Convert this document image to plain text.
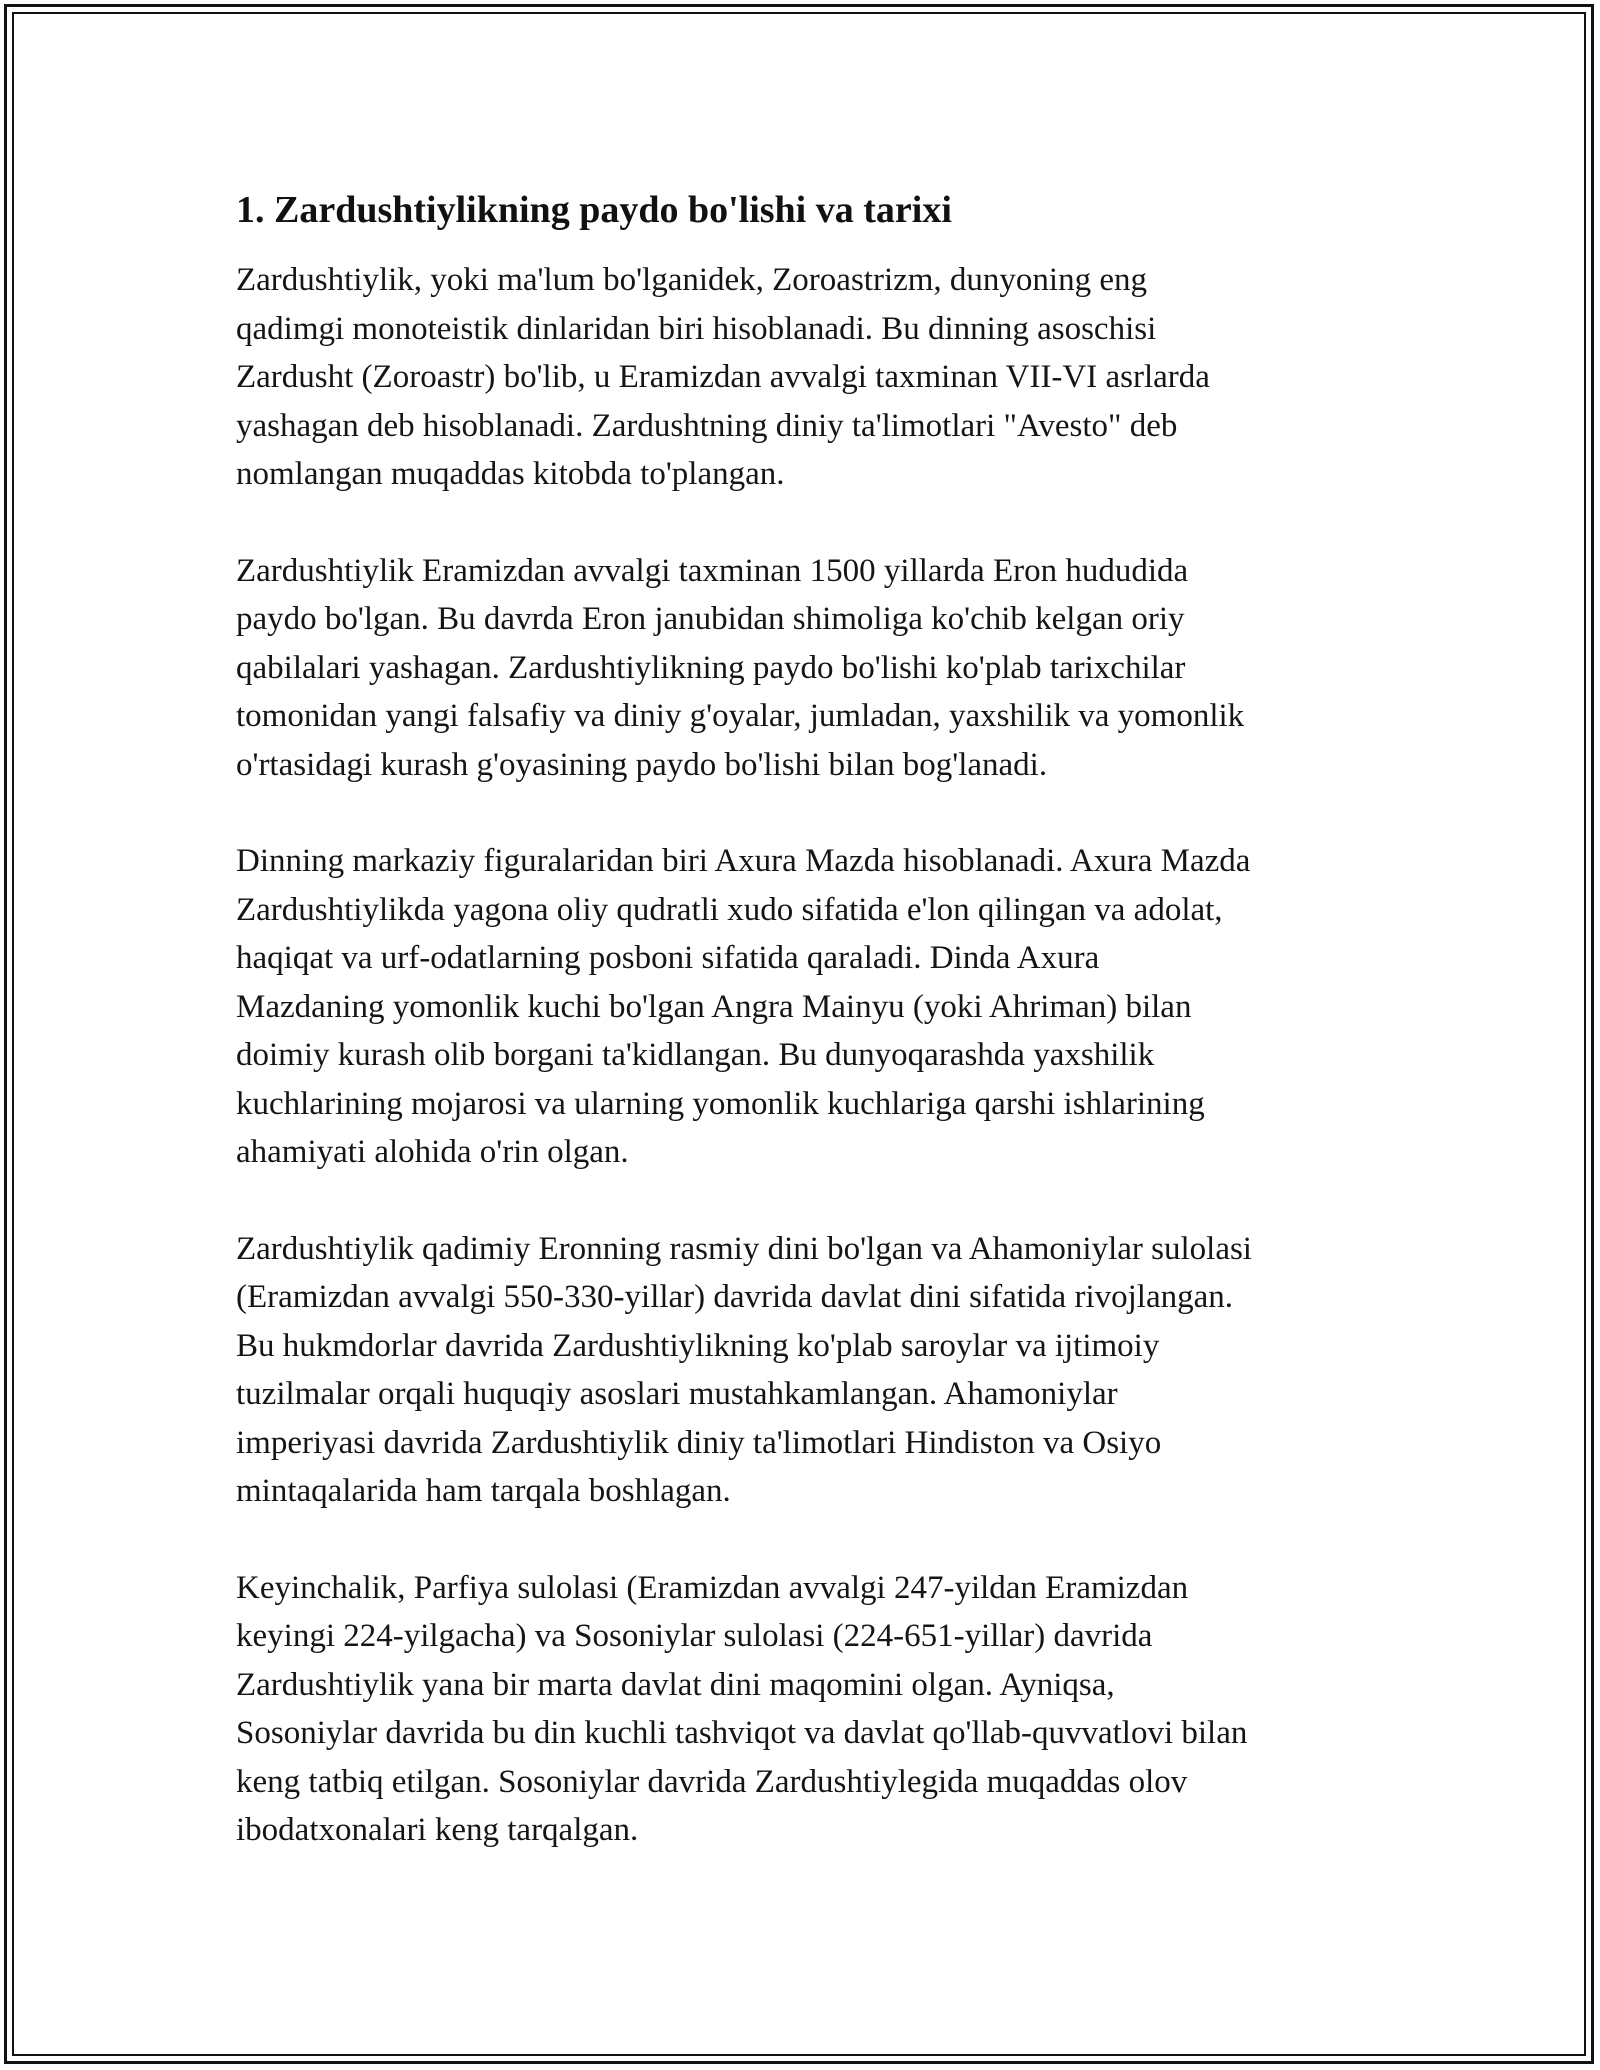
1. Zardushtiylikning paydo bo'lishi va tarixi

Zardushtiylik, yoki ma'lum bo'lganidek, Zoroastrizm, dunyoning eng
qadimgi monoteistik dinlaridan biri hisoblanadi. Bu dinning asoschisi
Zardusht (Zoroastr) bo'lib, u Eramizdan avvalgi taxminan VII-VI asrlarda
yashagan deb hisoblanadi. Zardushtning diniy ta'limotlari "Avesto" deb
nomlangan muqaddas kitobda to'plangan.

Zardushtiylik Eramizdan avvalgi taxminan 1500 yillarda Eron hududida
paydo bo'lgan. Bu davrda Eron janubidan shimoliga ko'chib kelgan oriy
qabilalari yashagan. Zardushtiylikning paydo bo'lishi ko'plab tarixchilar
tomonidan yangi falsafiy va diniy g'oyalar, jumladan, yaxshilik va yomonlik
o'rtasidagi kurash g'oyasining paydo bo'lishi bilan bog'lanadi.

Dinning markaziy figuralaridan biri Axura Mazda hisoblanadi. Axura Mazda
Zardushtiylikda yagona oliy qudratli xudo sifatida e'lon qilingan va adolat,
haqiqat va urf-odatlarning posboni sifatida qaraladi. Dinda Axura
Mazdaning yomonlik kuchi bo'lgan Angra Mainyu (yoki Ahriman) bilan
doimiy kurash olib borgani ta'kidlangan. Bu dunyoqarashda yaxshilik
kuchlarining mojarosi va ularning yomonlik kuchlariga qarshi ishlarining
ahamiyati alohida o'rin olgan.

Zardushtiylik qadimiy Eronning rasmiy dini bo'lgan va Ahamoniylar sulolasi
(Eramizdan avvalgi 550-330-yillar) davrida davlat dini sifatida rivojlangan.
Bu hukmdorlar davrida Zardushtiylikning ko'plab saroylar va ijtimoiy
tuzilmalar orqali huquqiy asoslari mustahkamlangan. Ahamoniylar
imperiyasi davrida Zardushtiylik diniy ta'limotlari Hindiston va Osiyo
mintaqalarida ham tarqala boshlagan.

Keyinchalik, Parfiya sulolasi (Eramizdan avvalgi 247-yildan Eramizdan
keyingi 224-yilgacha) va Sosoniylar sulolasi (224-651-yillar) davrida
Zardushtiylik yana bir marta davlat dini maqomini olgan. Ayniqsa,
Sosoniylar davrida bu din kuchli tashviqot va davlat qo'llab-quvvatlovi bilan
keng tatbiq etilgan. Sosoniylar davrida Zardushtiylegida muqaddas olov
ibodatxonalari keng tarqalgan.
